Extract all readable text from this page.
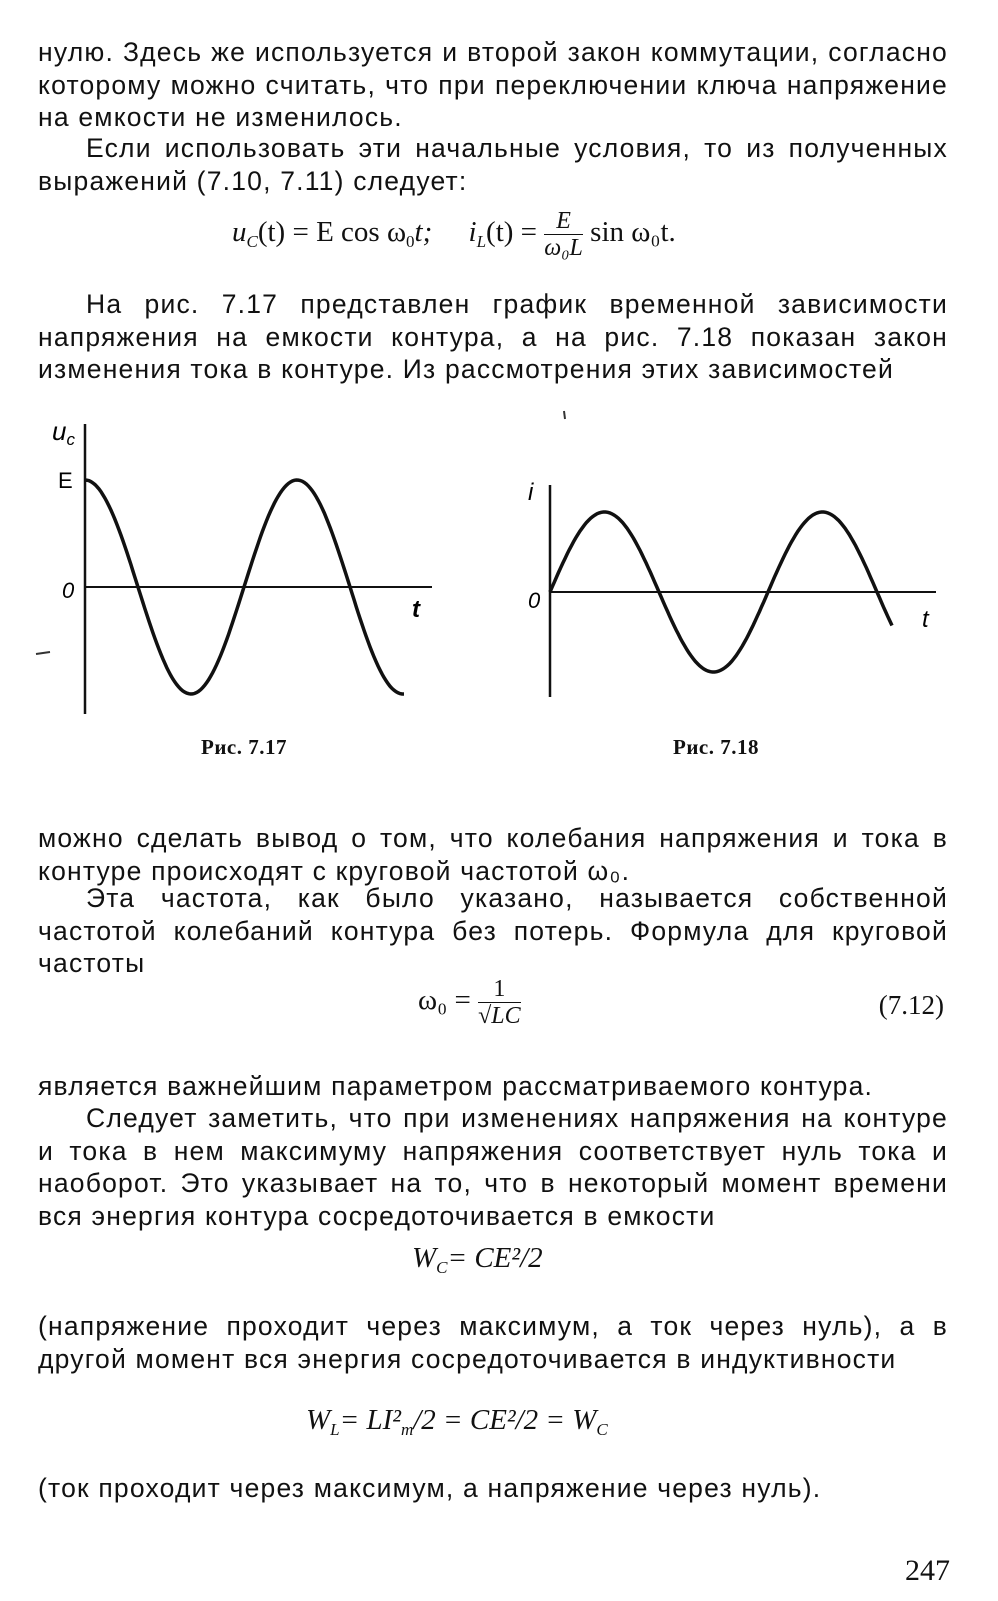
нулю. Здесь же используется и второй закон коммутации, согласно которому можно считать, что при переключении ключа напряжение на емкости не изменилось.

Если использовать эти начальные условия, то из полученных выражений (7.10, 7.11) следует:

$u_C(t) = E$ $\cos \omega_0t$; $i_L(t) = \frac{E}{\text{ω₀L}}$ sin ω₀t.

На рис. 7.17 представлен график временной зависимости напряжения на емкости контура, а на рис. 7.18 показан закон изменения тока в контуре. Из рассмотрения этих зависимостей

uc
E
0
t
Рис. 7.17
i
0
t
Рис. 7.18

можно сделать вывод о том, что колебания напряжения и тока в контуре происходят с круговой частотой ω₀.

Эта частота, как было указано, называется собственной частотой колебаний контура без потерь. Формула для круговой частоты

$\omega_0 = \frac{1}{√LC}$	(7.12)

является важнейшим параметром рассматриваемого контура.

Следует заметить, что при изменениях напряжения на контуре и тока в нем максимуму напряжения соответствует нуль тока и наоборот. Это указывает на то, что в некоторый момент времени вся энергия контура сосредоточивается в емкости

$W_C= CE^2/2$

(напряжение проходит через максимум, а ток через нуль), а в другой момент вся энергия сосредоточивается в индуктивности

$W_L= LI^2_m/2 = CE^2/2 = W_C$

(ток проходит через максимум, а напряжение через нуль).

247
